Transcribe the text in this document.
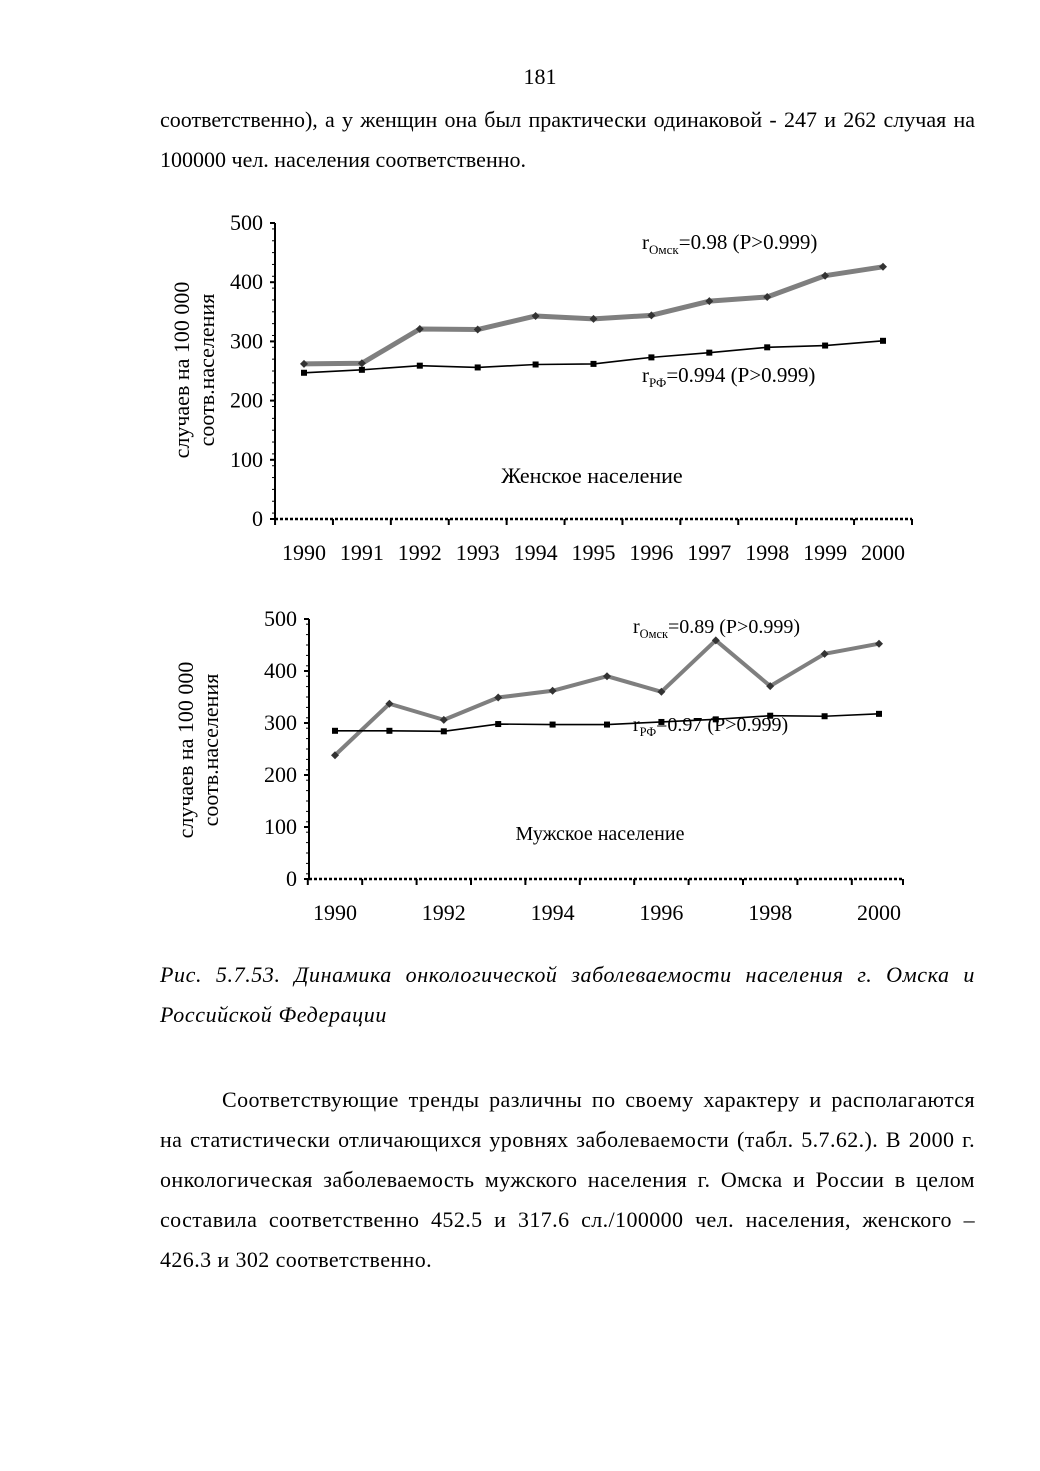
181
соответственно), а у женщин она был практически одинаковой - 247 и 262 случая на 100000 чел. населения соответственно.
0
100
200
300
400
500
1990 1991 1992 1993 1994 1995 1996 1997 1998 1999 2000
случаев на 100 000 соотв.населения
Женское население
$r_{Омск}=0.98$ (P>0.999)
$r_{РФ}=0.994$ (P>0.999)
0
100
200
300
400
500
1990	1992	1994	1996	1998	2000
случаев на 100 000 соотв.населения
Мужское население
$r_{Омск}=0.89$ (P>0.999)
$r_{РФ}=0.97$ (P>0.999)
Рис. 5.7.53. Динамика онкологической заболеваемости населения г. Омска и Российской Федерации
Соответствующие тренды различны по своему характеру и располагаются на статистически отличающихся уровнях заболеваемости (табл. 5.7.62.). В 2000 г. онкологическая заболеваемость мужского населения г. Омска и России в целом составила соответственно 452.5 и 317.6 сл./100000 чел. населения, женского – 426.3 и 302 соответственно.
